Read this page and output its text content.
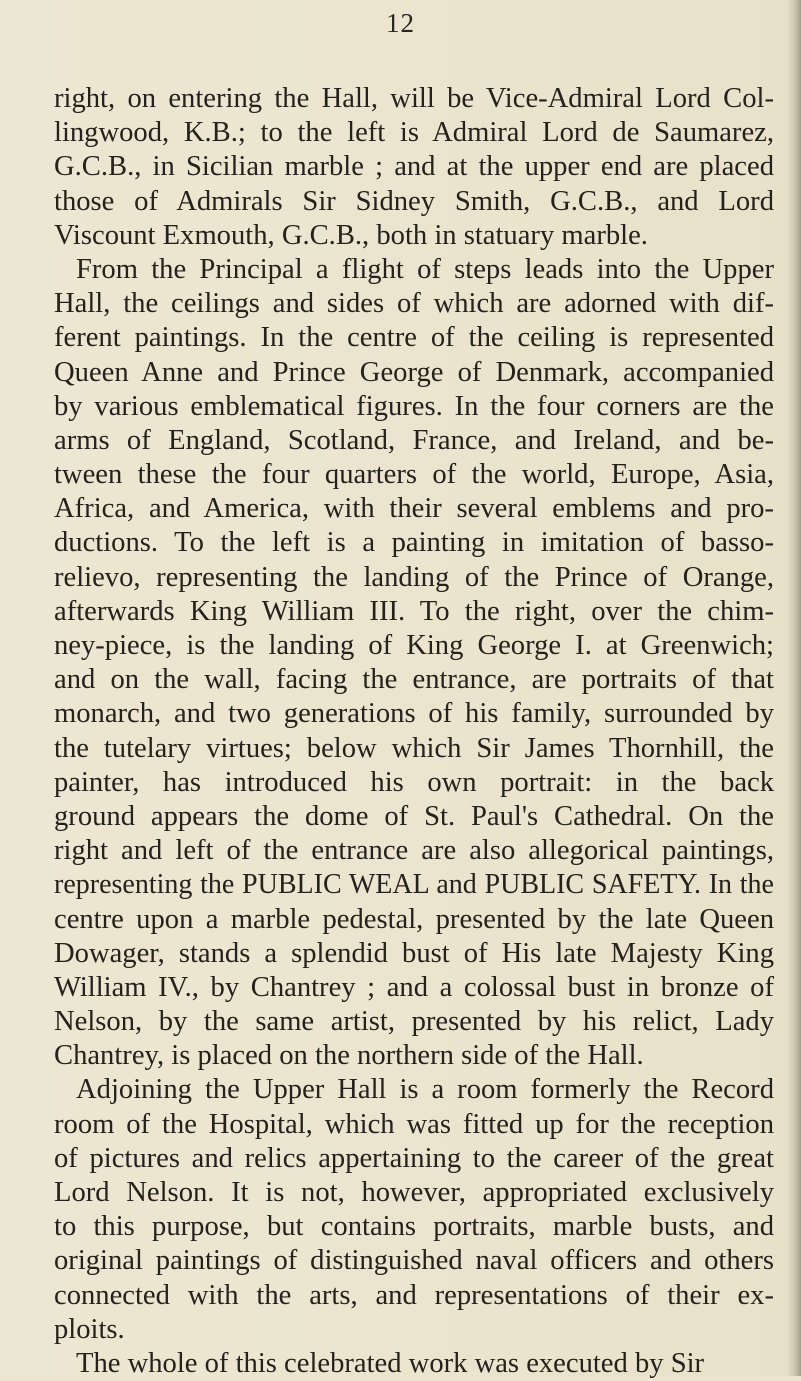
12
right, on entering the Hall, will be Vice-Admiral Lord Col-
lingwood, K.B.; to the left is Admiral Lord de Saumarez,
G.C.B., in Sicilian marble ; and at the upper end are placed
those of Admirals Sir Sidney Smith, G.C.B., and Lord
Viscount Exmouth, G.C.B., both in statuary marble.
From the Principal a flight of steps leads into the Upper
Hall, the ceilings and sides of which are adorned with dif-
ferent paintings. In the centre of the ceiling is represented
Queen Anne and Prince George of Denmark, accompanied
by various emblematical figures. In the four corners are the
arms of England, Scotland, France, and Ireland, and be-
tween these the four quarters of the world, Europe, Asia,
Africa, and America, with their several emblems and pro-
ductions. To the left is a painting in imitation of basso-
relievo, representing the landing of the Prince of Orange,
afterwards King William III. To the right, over the chim-
ney-piece, is the landing of King George I. at Greenwich;
and on the wall, facing the entrance, are portraits of that
monarch, and two generations of his family, surrounded by
the tutelary virtues; below which Sir James Thornhill, the
painter, has introduced his own portrait: in the back
ground appears the dome of St. Paul's Cathedral. On the
right and left of the entrance are also allegorical paintings,
representing the PUBLIC WEAL and PUBLIC SAFETY. In the
centre upon a marble pedestal, presented by the late Queen
Dowager, stands a splendid bust of His late Majesty King
William IV., by Chantrey ; and a colossal bust in bronze of
Nelson, by the same artist, presented by his relict, Lady
Chantrey, is placed on the northern side of the Hall.
Adjoining the Upper Hall is a room formerly the Record
room of the Hospital, which was fitted up for the reception
of pictures and relics appertaining to the career of the great
Lord Nelson. It is not, however, appropriated exclusively
to this purpose, but contains portraits, marble busts, and
original paintings of distinguished naval officers and others
connected with the arts, and representations of their ex-
ploits.
The whole of this celebrated work was executed by Sir
